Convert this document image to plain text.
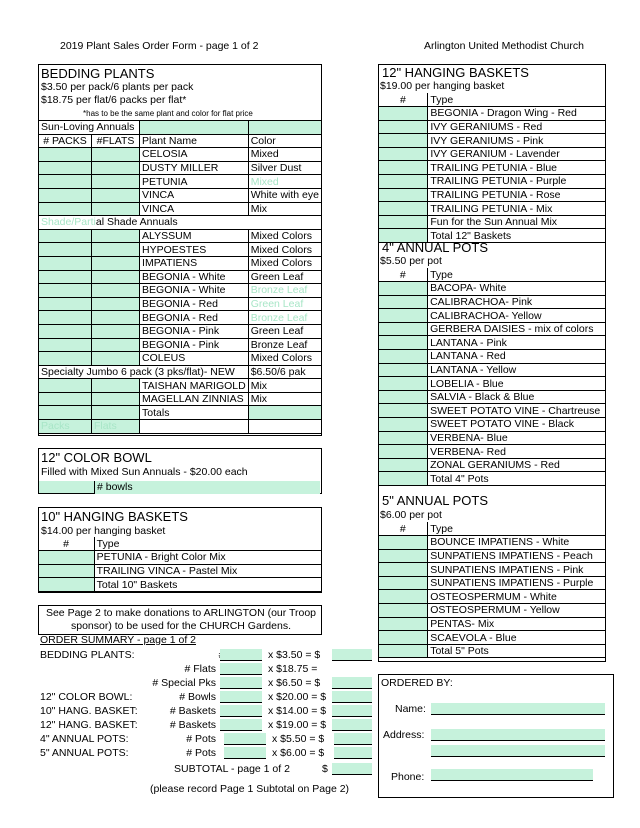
2019 Plant Sales Order Form - page 1 of 2	Arlington United Methodist Church
BEDDING PLANTS
$3.50 per pack/6 plants per pack
$18.75 per flat/6 packs per flat*
*has to be the same plant and color for flat price
Sun-Loving Annuals			
# PACKS	#FLATS	Plant Name	Color
		CELOSIA	Mixed
		DUSTY MILLER	Silver Dust
		PETUNIA	Mixed
		VINCA	White with eye
		VINCA	Mix
Shade/Partial Shade Annuals			
		ALYSSUM	Mixed Colors
		HYPOESTES	Mixed Colors
		IMPATIENS	Mixed Colors
		BEGONIA - White	Green Leaf
		BEGONIA - White	Bronze Leaf
		BEGONIA - Red	Green Leaf
		BEGONIA - Red	Bronze Leaf
		BEGONIA - Pink	Green Leaf
		BEGONIA - Pink	Bronze Leaf
		COLEUS	Mixed Colors
Specialty Jumbo 6 pack (3 pks/flat)- NEW			$6.50/6 pak
		TAISHAN MARIGOLD	Mix
		MAGELLAN ZINNIAS	Mix
		Totals	
Packs	Flats		
12" COLOR BOWL
Filled with Mixed Sun Annuals - $20.00 each
# bowls
10" HANGING BASKETS
$14.00 per hanging basket
#	Type
	PETUNIA - Bright Color Mix
	TRAILING VINCA - Pastel Mix
	Total 10" Baskets
See Page 2 to make donations to ARLINGTON (our Troop
sponsor) to be used for the CHURCH Gardens.
ORDER SUMMARY - page 1 of 2
BEDDING PLANTS:	x $3.50 = $
# Flats	x $18.75 =
# Special Pks	x $6.50 = $
12" COLOR BOWL:	# Bowls	x $20.00 = $
10" HANG. BASKET:	# Baskets	x $14.00 = $
12" HANG. BASKET:	# Baskets	x $19.00 = $
4" ANNUAL POTS:	# Pots	x $5.50 = $
5" ANNUAL POTS:	# Pots	x $6.00 = $
SUBTOTAL - page 1 of 2	$
(please record Page 1 Subtotal on Page 2)
12" HANGING BASKETS
$19.00 per hanging basket
#	Type
	BEGONIA - Dragon Wing - Red
	IVY GERANIUMS - Red
	IVY GERANIUMS - Pink
	IVY GERANIUM - Lavender
	TRAILING PETUNIA - Blue
	TRAILING PETUNIA - Purple
	TRAILING PETUNIA - Rose
	TRAILING PETUNIA - Mix
	Fun for the Sun Annual Mix
	Total 12" Baskets
4" ANNUAL POTS
$5.50 per pot
#	Type
	BACOPA- White
	CALIBRACHOA- Pink
	CALIBRACHOA- Yellow
	GERBERA DAISIES - mix of colors
	LANTANA - Pink
	LANTANA - Red
	LANTANA - Yellow
	LOBELIA - Blue
	SALVIA - Black & Blue
	SWEET POTATO VINE - Chartreuse
	SWEET POTATO VINE - Black
	VERBENA- Blue
	VERBENA- Red
	ZONAL GERANIUMS - Red
	Total 4" Pots
5" ANNUAL POTS
$6.00 per pot
#	Type
	BOUNCE IMPATIENS - White
	SUNPATIENS IMPATIENS - Peach
	SUNPATIENS IMPATIENS - Pink
	SUNPATIENS IMPATIENS - Purple
	OSTEOSPERMUM - White
	OSTEOSPERMUM - Yellow
	PENTAS- Mix
	SCAEVOLA - Blue
	Total 5" Pots
ORDERED BY:
Name:
Address:
Phone:
